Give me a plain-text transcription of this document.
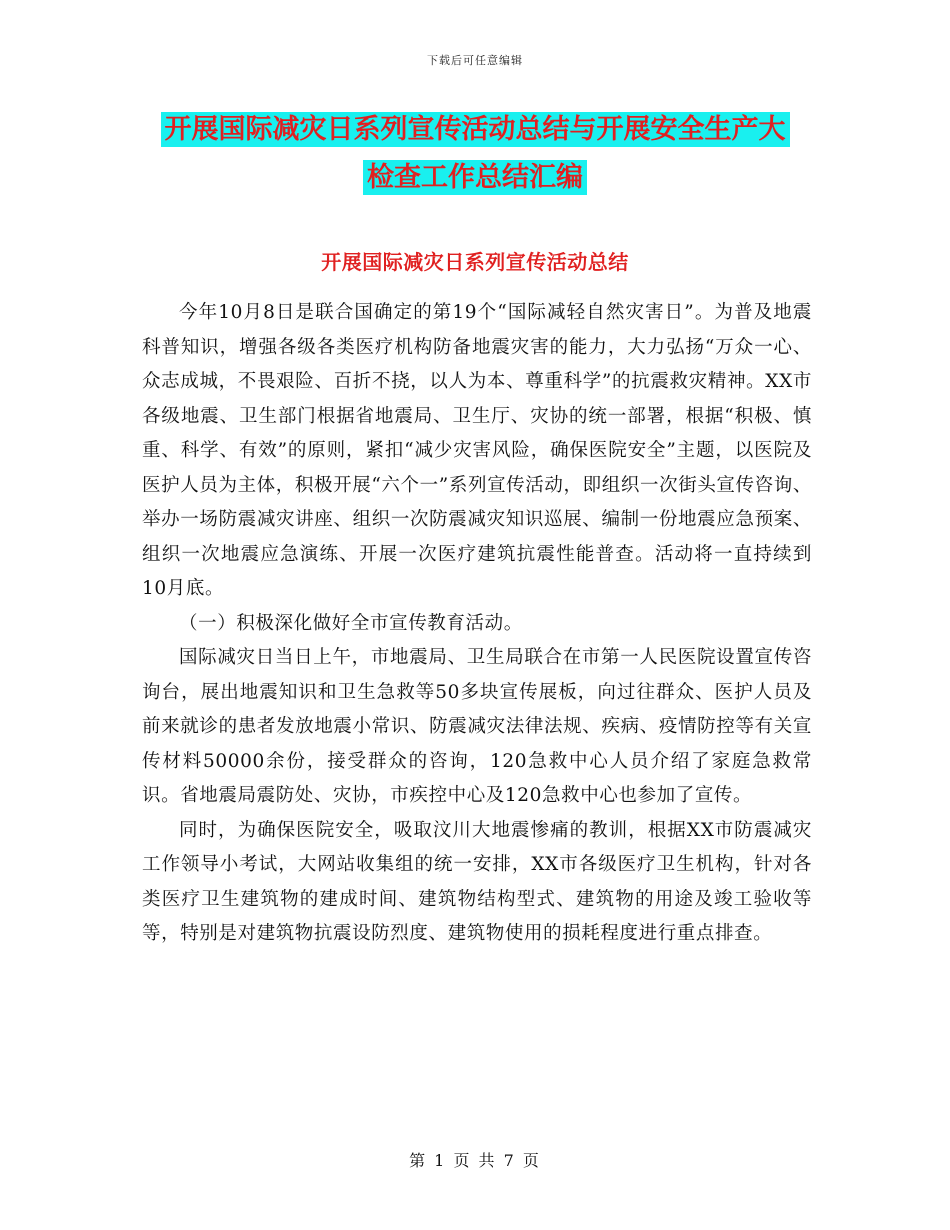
下载后可任意编辑
开展国际减灾日系列宣传活动总结与开展安全生产大
检查工作总结汇编
开展国际减灾日系列宣传活动总结

今年10月8日是联合国确定的第19个“国际减轻自然灾害日”。为普及地震科普知识，增强各级各类医疗机构防备地震灾害的能力，大力弘扬“万众一心、众志成城，不畏艰险、百折不挠，以人为本、尊重科学”的抗震救灾精神。XX市各级地震、卫生部门根据省地震局、卫生厅、灾协的统一部署，根据“积极、慎重、科学、有效”的原则，紧扣“减少灾害风险，确保医院安全”主题，以医院及医护人员为主体，积极开展“六个一”系列宣传活动，即组织一次街头宣传咨询、举办一场防震减灾讲座、组织一次防震减灾知识巡展、编制一份地震应急预案、组织一次地震应急演练、开展一次医疗建筑抗震性能普查。活动将一直持续到10月底。

（一）积极深化做好全市宣传教育活动。

国际减灾日当日上午，市地震局、卫生局联合在市第一人民医院设置宣传咨询台，展出地震知识和卫生急救等50多块宣传展板，向过往群众、医护人员及前来就诊的患者发放地震小常识、防震减灾法律法规、疾病、疫情防控等有关宣传材料50000余份，接受群众的咨询，120急救中心人员介绍了家庭急救常识。省地震局震防处、灾协，市疾控中心及120急救中心也参加了宣传。

同时，为确保医院安全，吸取汶川大地震惨痛的教训，根据XX市防震减灾工作领导小考试，大网站收集组的统一安排，XX市各级医疗卫生机构，针对各类医疗卫生建筑物的建成时间、建筑物结构型式、建筑物的用途及竣工验收等等，特别是对建筑物抗震设防烈度、建筑物使用的损耗程度进行重点排查。

第 1 页 共 7 页
